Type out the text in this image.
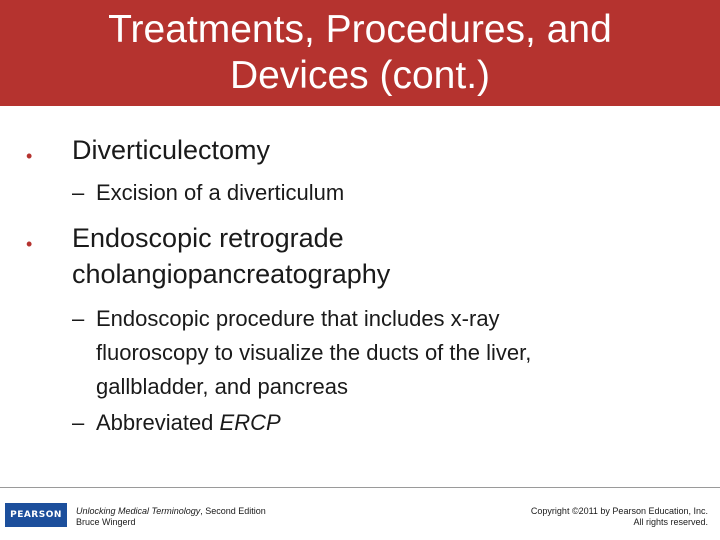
Treatments, Procedures, and
Devices (cont.)
• Diverticulectomy
– Excision of a diverticulum
• Endoscopic retrograde
cholangiopancreatography
– Endoscopic procedure that includes x-ray
fluoroscopy to visualize the ducts of the liver,
gallbladder, and pancreas
– Abbreviated ERCP
PEARSON	Unlocking Medical Terminology, Second Edition
Bruce Wingerd
Copyright ©2011 by Pearson Education, Inc.
All rights reserved.
